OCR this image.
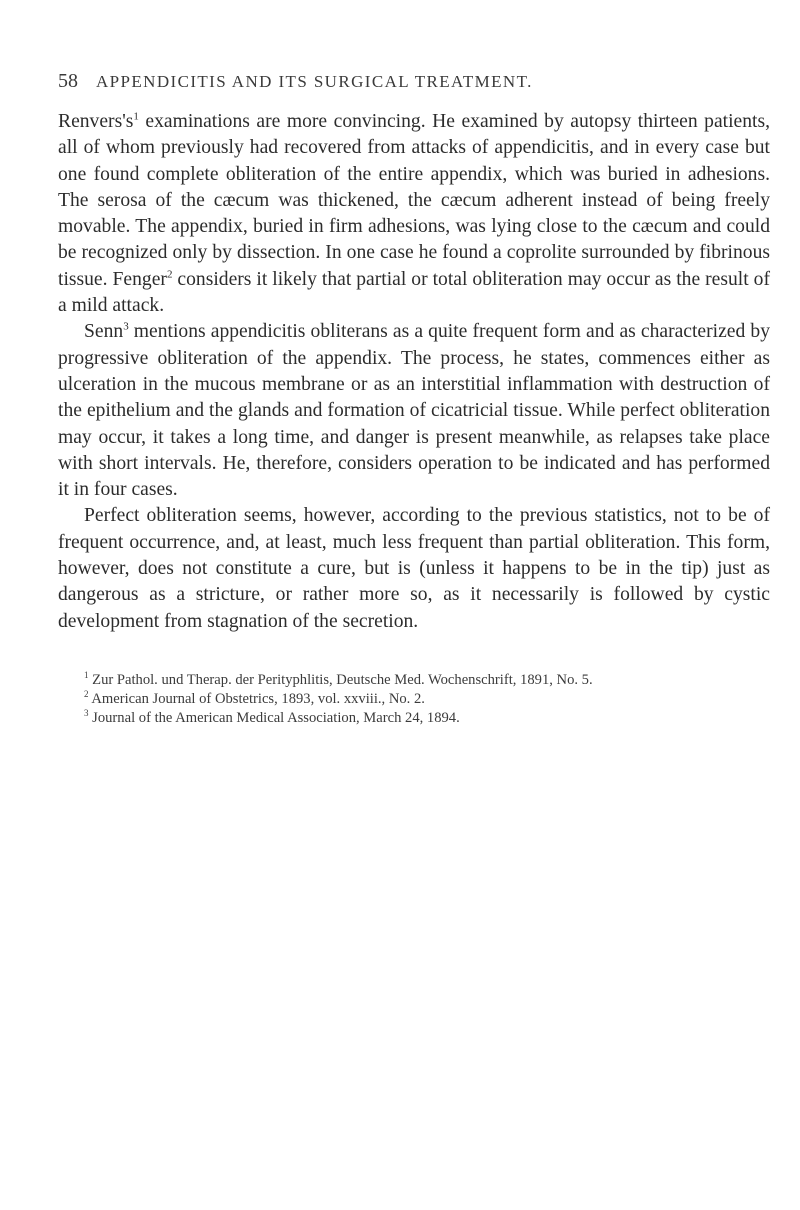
58 APPENDICITIS AND ITS SURGICAL TREATMENT.

$Renvers's^1$ examinations are more convincing. He examined by autopsy thirteen patients, all of whom previously had recovered from attacks of appendicitis, and in every case but one found complete obliteration of the entire appendix, which was buried in adhesions. The serosa of the cæcum was thickened, the cæcum adherent instead of being freely movable. The appendix, buried in firm adhesions, was lying close to the cæcum and could be recognized only by dissection. In one case he found a coprolite surrounded by fibrinous tissue. Fenger$^2$ considers it likely that partial or total obliteration may occur as the result of a mild attack.

Senn$^3$ mentions appendicitis obliterans as a quite frequent form and as characterized by progressive obliteration of the appendix. The process, he states, commences either as ulceration in the mucous membrane or as an interstitial inflammation with destruction of the epithelium and the glands and formation of cicatricial tissue. While perfect obliteration may occur, it takes a long time, and danger is present meanwhile, as relapses take place with short intervals. He, therefore, considers operation to be indicated and has performed it in four cases.

Perfect obliteration seems, however, according to the previous statistics, not to be of frequent occurrence, and, at least, much less frequent than partial obliteration. This form, however, does not constitute a cure, but is (unless it happens to be in the tip) just as dangerous as a stricture, or rather more so, as it necessarily is followed by cystic development from stagnation of the secretion.

$^1$ Zur Pathol. und Therap. der Perityphlitis, Deutsche Med. Wochenschrift, 1891, No. 5.

$^2$ American Journal of Obstetrics, 1893, vol. xxviii., No. 2.

$^3$ Journal of the American Medical Association, March 24, 1894.
